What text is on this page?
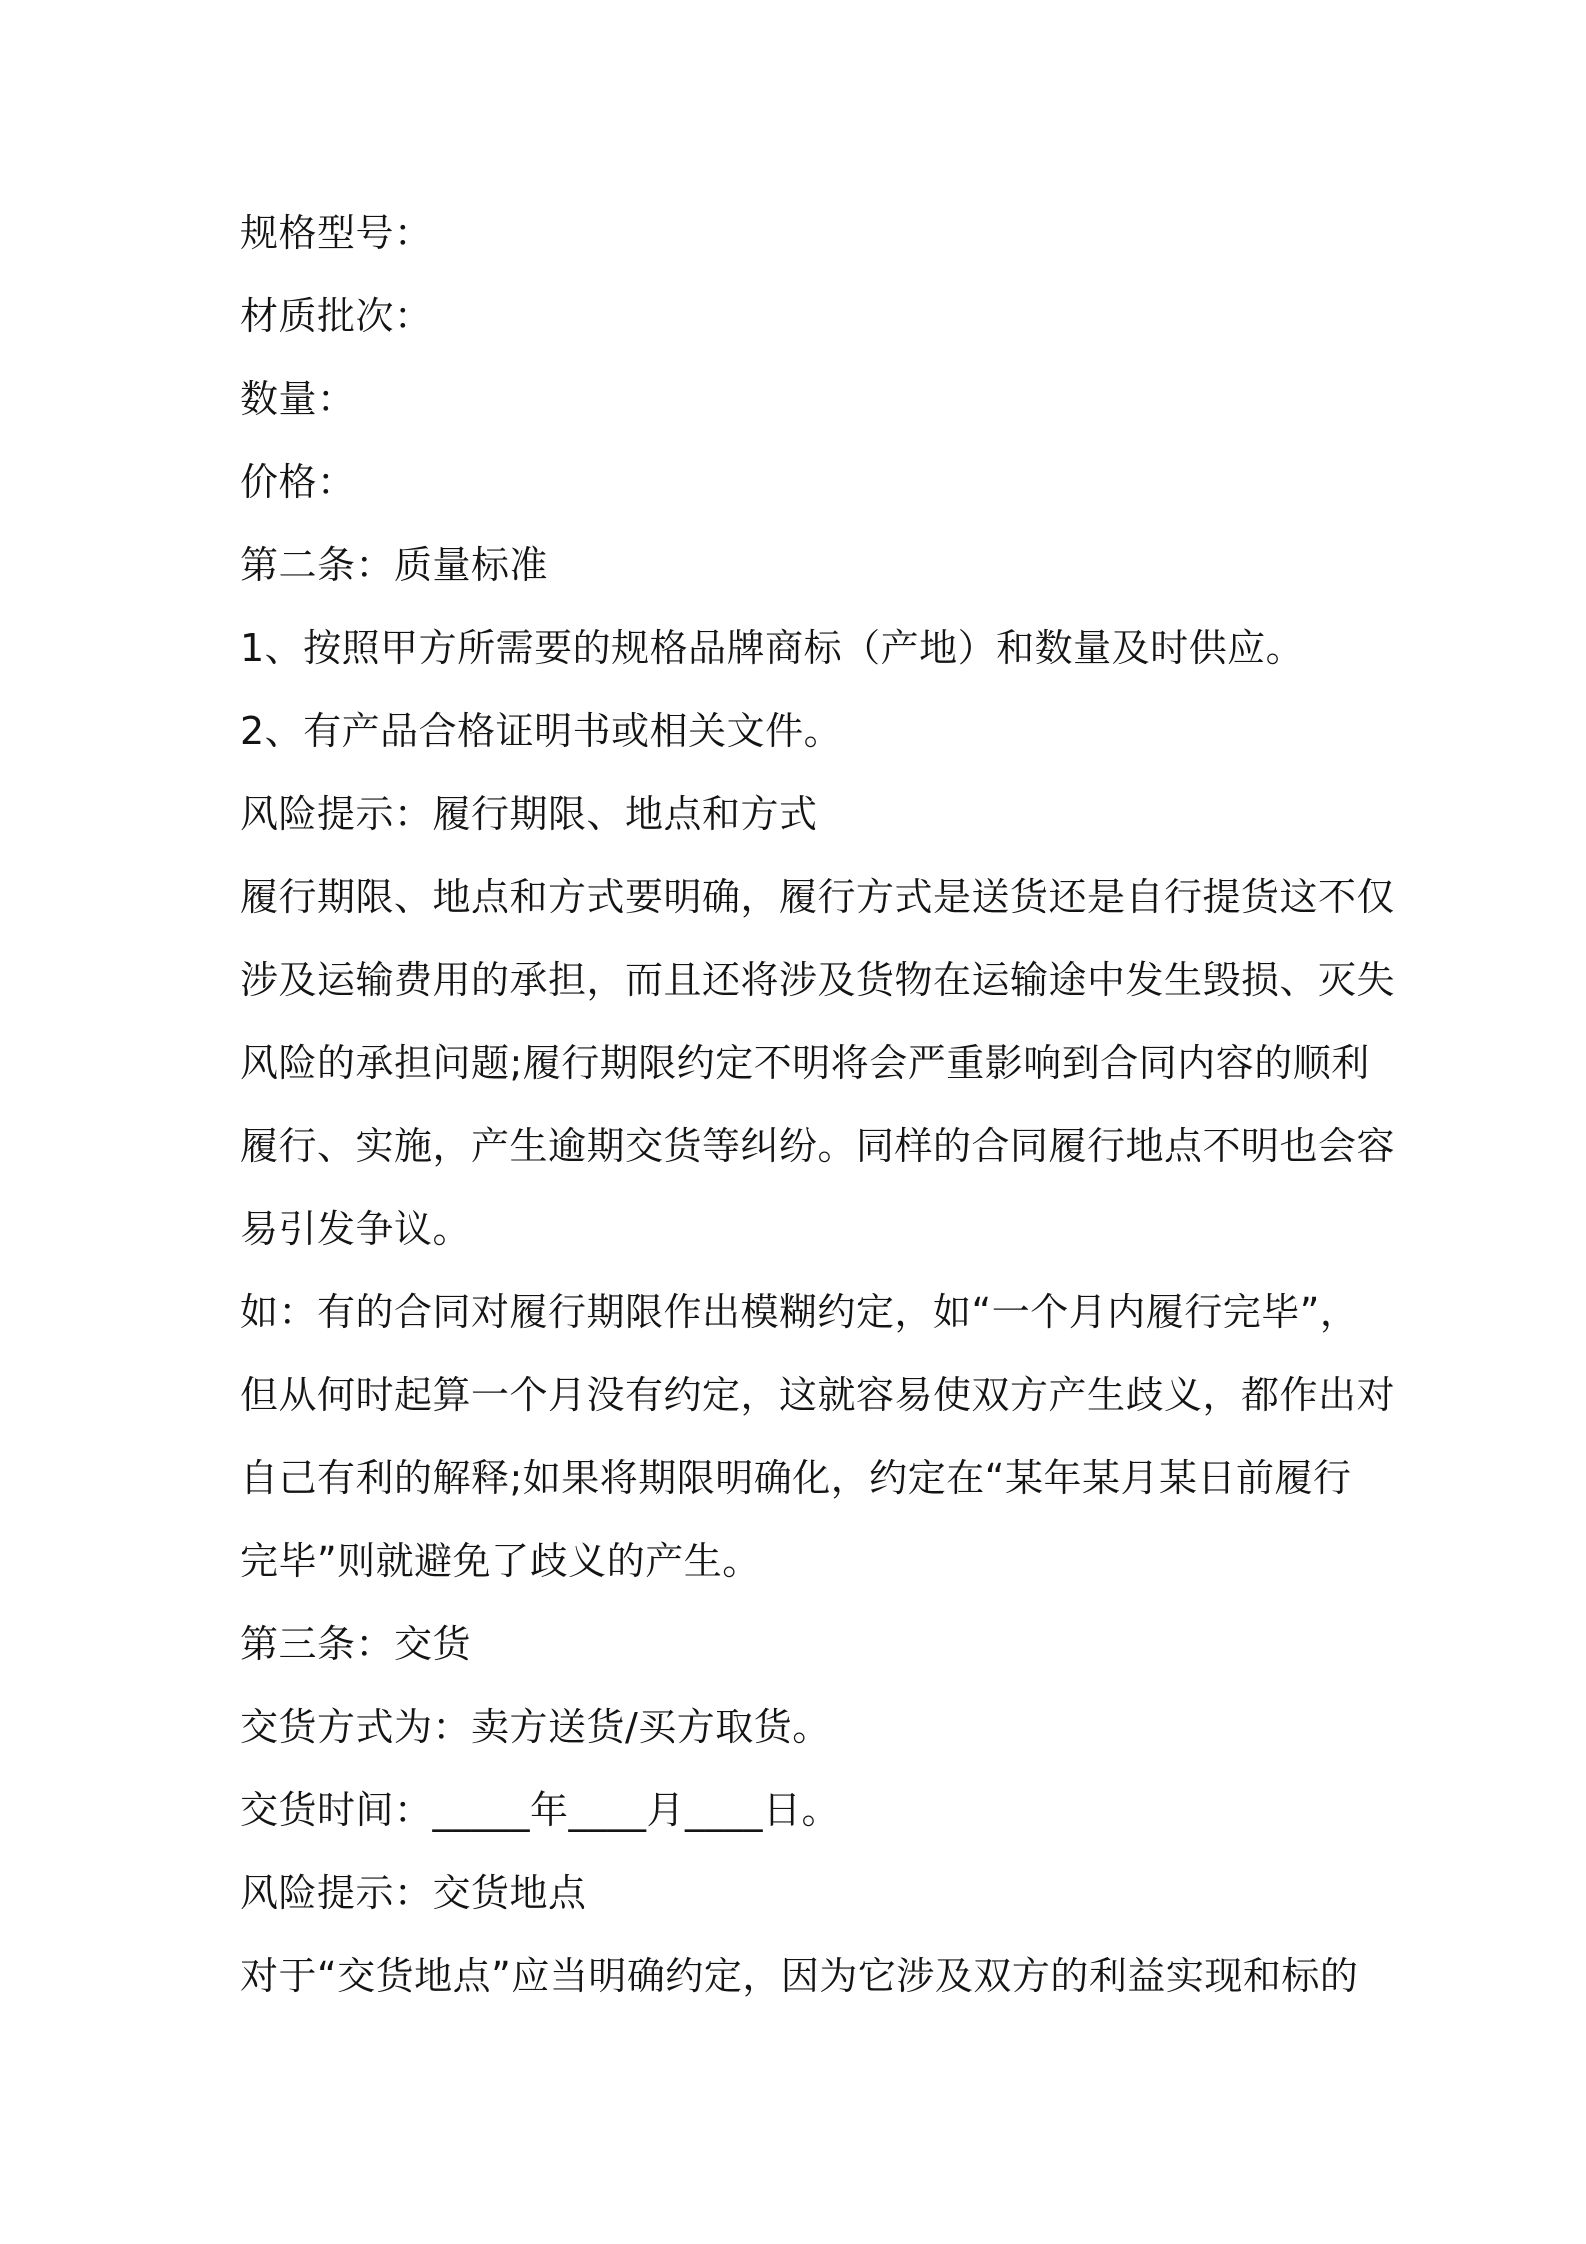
规格型号：

材质批次：

数量：

价格：

第二条：质量标准

1、按照甲方所需要的规格品牌商标（产地）和数量及时供应。

2、有产品合格证明书或相关文件。

风险提示：履行期限、地点和方式

履行期限、地点和方式要明确，履行方式是送货还是自行提货这不仅

涉及运输费用的承担，而且还将涉及货物在运输途中发生毁损、灭失

风险的承担问题;履行期限约定不明将会严重影响到合同内容的顺利

履行、实施，产生逾期交货等纠纷。同样的合同履行地点不明也会容

易引发争议。

如：有的合同对履行期限作出模糊约定，如“一个月内履行完毕”，

但从何时起算一个月没有约定，这就容易使双方产生歧义，都作出对

自己有利的解释;如果将期限明确化，约定在“某年某月某日前履行

完毕”则就避免了歧义的产生。

第三条：交货

交货方式为：卖方送货/买方取货。

交货时间：_____年____月____日。

风险提示：交货地点

对于“交货地点”应当明确约定，因为它涉及双方的利益实现和标的
